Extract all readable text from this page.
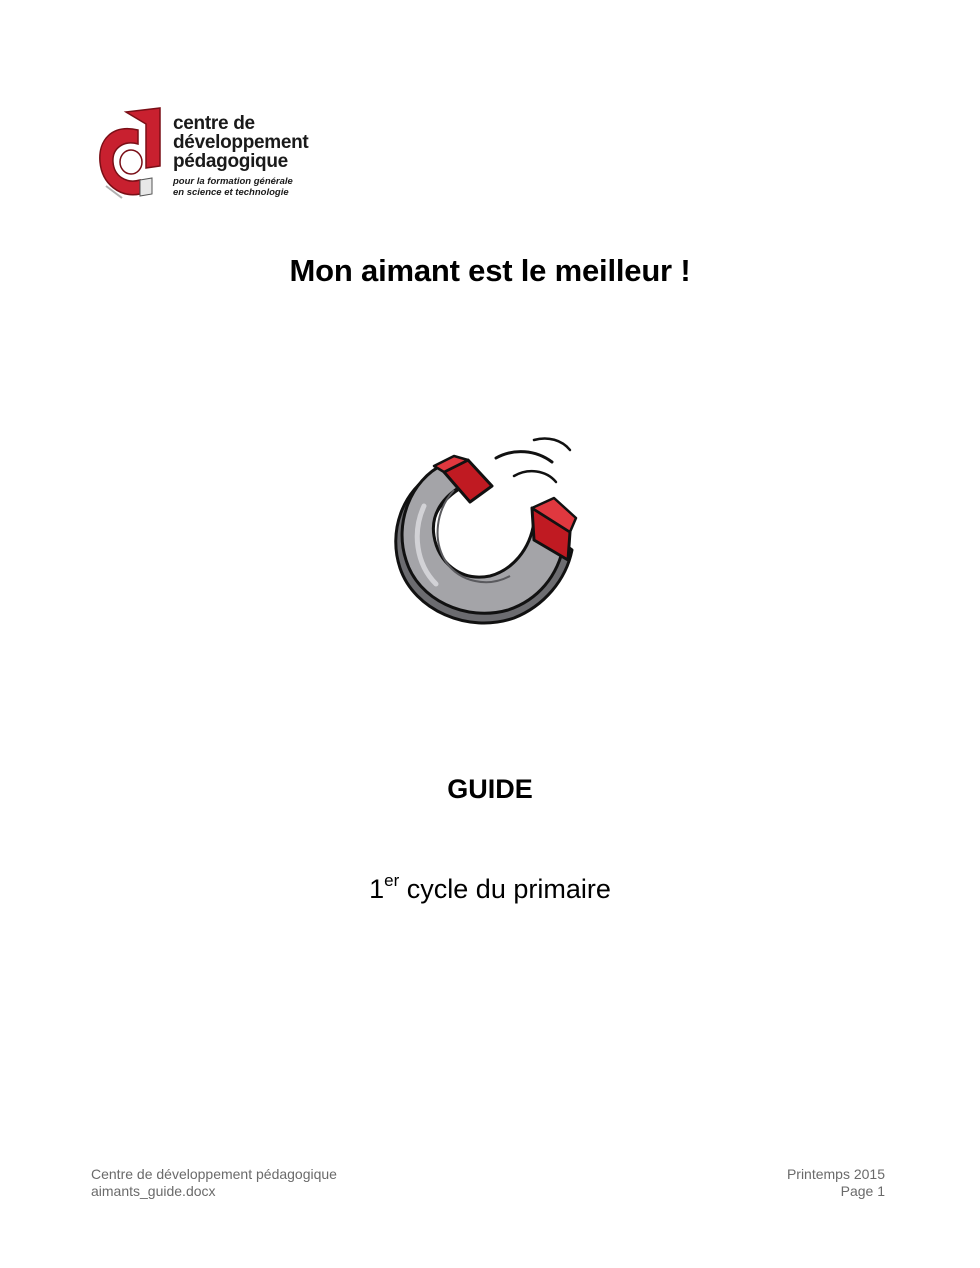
centre de
développement
pédagogique
pour la formation générale
en science et technologie
Mon aimant est le meilleur !
GUIDE
1er cycle du primaire
Centre de développement pédagogique
aimants_guide.docx
Printemps 2015
Page 1
